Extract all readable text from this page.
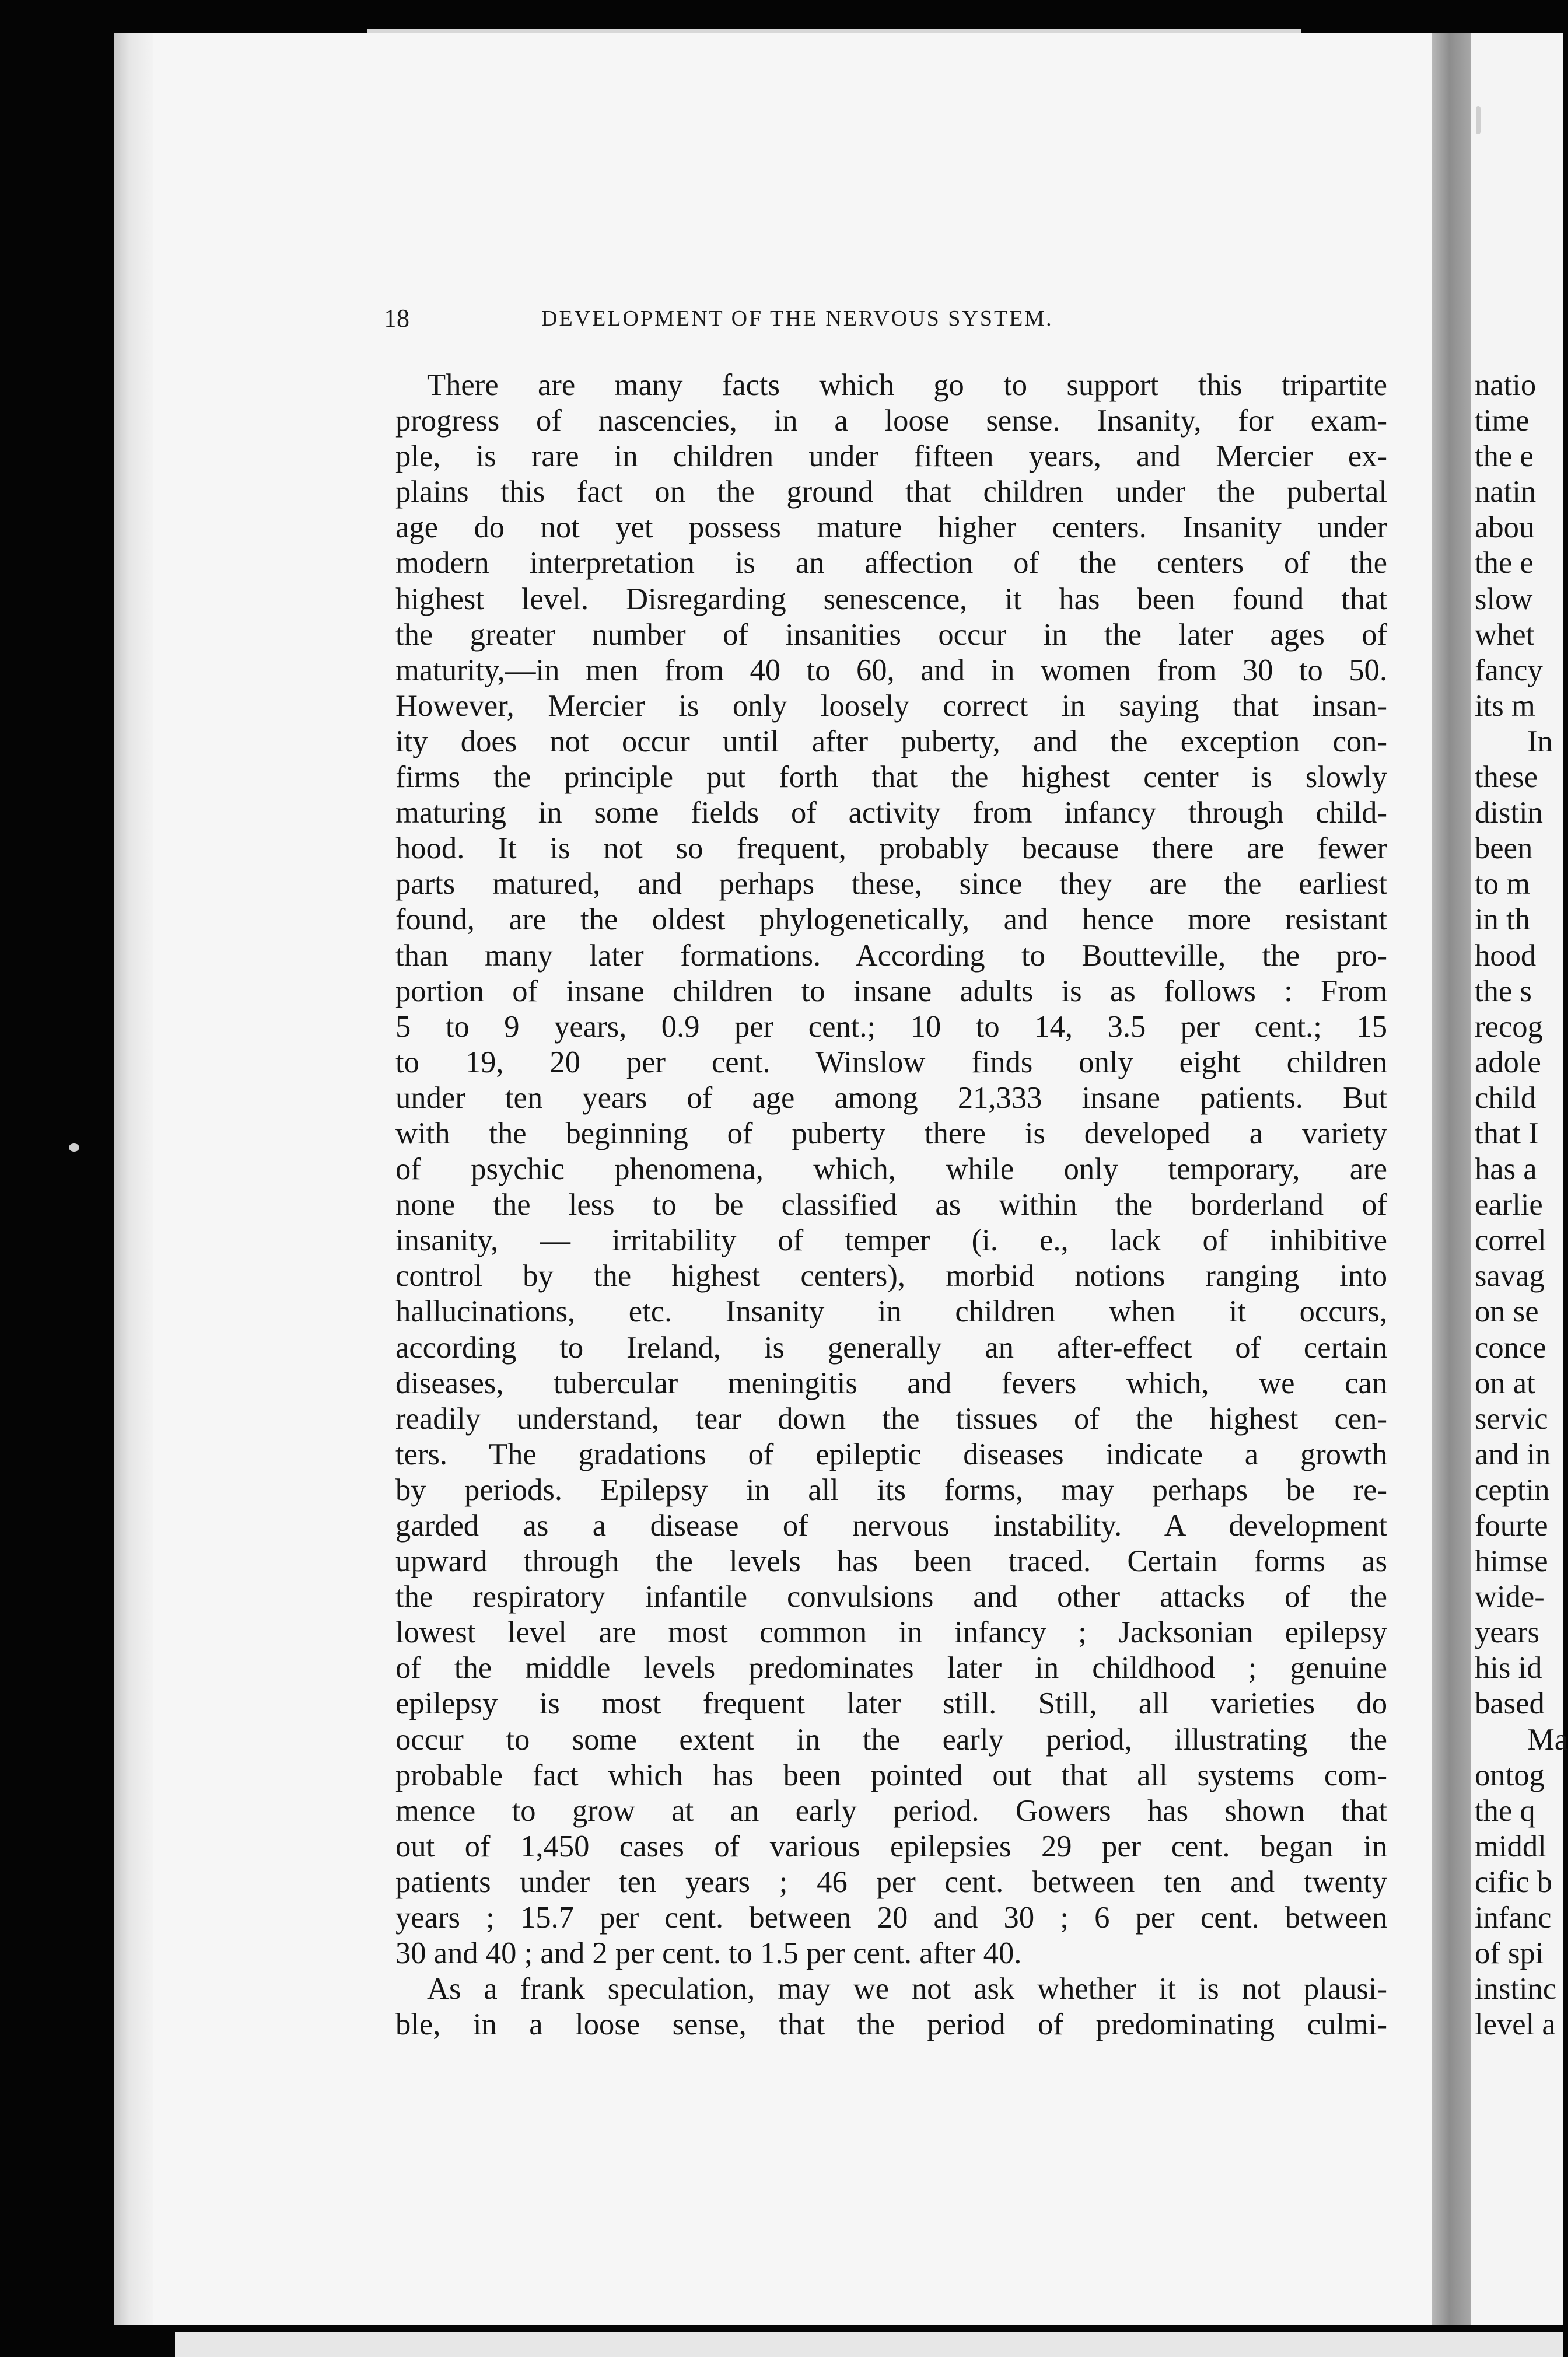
18	DEVELOPMENT OF THE NERVOUS SYSTEM.
There are many facts which go to support this tripartite
progress of nascencies, in a loose sense. Insanity, for exam-
ple, is rare in children under fifteen years, and Mercier ex-
plains this fact on the ground that children under the pubertal
age do not yet possess mature higher centers. Insanity under
modern interpretation is an affection of the centers of the
highest level. Disregarding senescence, it has been found that
the greater number of insanities occur in the later ages of
maturity,—in men from 40 to 60, and in women from 30 to 50.
However, Mercier is only loosely correct in saying that insan-
ity does not occur until after puberty, and the exception con-
firms the principle put forth that the highest center is slowly
maturing in some fields of activity from infancy through child-
hood. It is not so frequent, probably because there are fewer
parts matured, and perhaps these, since they are the earliest
found, are the oldest phylogenetically, and hence more resistant
than many later formations. According to Boutteville, the pro-
portion of insane children to insane adults is as follows : From
5 to 9 years, 0.9 per cent.; 10 to 14, 3.5 per cent.; 15
to 19, 20 per cent. Winslow finds only eight children
under ten years of age among 21,333 insane patients. But
with the beginning of puberty there is developed a variety
of psychic phenomena, which, while only temporary, are
none the less to be classified as within the borderland of
insanity, — irritability of temper (i. e., lack of inhibitive
control by the highest centers), morbid notions ranging into
hallucinations, etc. Insanity in children when it occurs,
according to Ireland, is generally an after-effect of certain
diseases, tubercular meningitis and fevers which, we can
readily understand, tear down the tissues of the highest cen-
ters. The gradations of epileptic diseases indicate a growth
by periods. Epilepsy in all its forms, may perhaps be re-
garded as a disease of nervous instability. A development
upward through the levels has been traced. Certain forms as
the respiratory infantile convulsions and other attacks of the
lowest level are most common in infancy ; Jacksonian epilepsy
of the middle levels predominates later in childhood ; genuine
epilepsy is most frequent later still. Still, all varieties do
occur to some extent in the early period, illustrating the
probable fact which has been pointed out that all systems com-
mence to grow at an early period. Gowers has shown that
out of 1,450 cases of various epilepsies 29 per cent. began in
patients under ten years ; 46 per cent. between ten and twenty
years ; 15.7 per cent. between 20 and 30 ; 6 per cent. between
30 and 40 ; and 2 per cent. to 1.5 per cent. after 40.
As a frank speculation, may we not ask whether it is not plausi-
ble, in a loose sense, that the period of predominating culmi-
natio
time
the e
natin
abou
the e
slow
whet
fancy
its m
In
these
distin
been
to m
in th
hood
the s
recog
adole
child
that I
has a
earlie
correl
savag
on se
conce
on at
servic
and in
ceptin
fourte
himse
wide-
years
his id
based
Ma
ontog
the q
middl
cific b
infanc
of spi
instinc
level a
